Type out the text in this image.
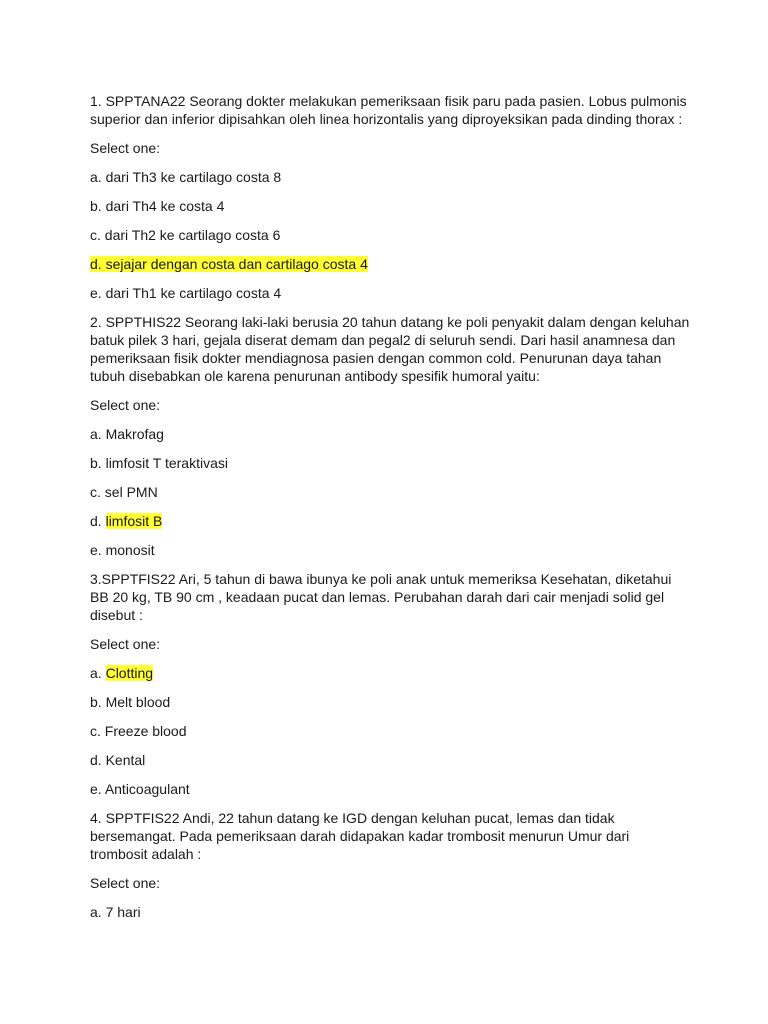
1. SPPTANA22 Seorang dokter melakukan pemeriksaan fisik paru pada pasien. Lobus pulmonis superior dan inferior dipisahkan oleh linea horizontalis yang diproyeksikan pada dinding thorax :
Select one:
a. dari Th3 ke cartilago costa 8
b. dari Th4 ke costa 4
c. dari Th2 ke cartilago costa 6
d. sejajar dengan costa dan cartilago costa 4
e. dari Th1 ke cartilago costa 4
2. SPPTHIS22 Seorang laki-laki berusia 20 tahun datang ke poli penyakit dalam dengan keluhan batuk pilek 3 hari, gejala diserat demam dan pegal2 di seluruh sendi. Dari hasil anamnesa dan pemeriksaan fisik dokter mendiagnosa pasien dengan common cold. Penurunan daya tahan tubuh disebabkan ole karena penurunan antibody spesifik humoral yaitu:
Select one:
a. Makrofag
b. limfosit T teraktivasi
c. sel PMN
d. limfosit B
e. monosit
3.SPPTFIS22 Ari, 5 tahun di bawa ibunya ke poli anak untuk memeriksa Kesehatan, diketahui BB 20 kg, TB 90 cm , keadaan pucat dan lemas. Perubahan darah dari cair menjadi solid gel disebut :
Select one:
a. Clotting
b. Melt blood
c. Freeze blood
d. Kental
e. Anticoagulant
4. SPPTFIS22 Andi, 22 tahun datang ke IGD dengan keluhan pucat, lemas dan tidak bersemangat. Pada pemeriksaan darah didapakan kadar trombosit menurun Umur dari trombosit adalah :
Select one:
a. 7 hari
